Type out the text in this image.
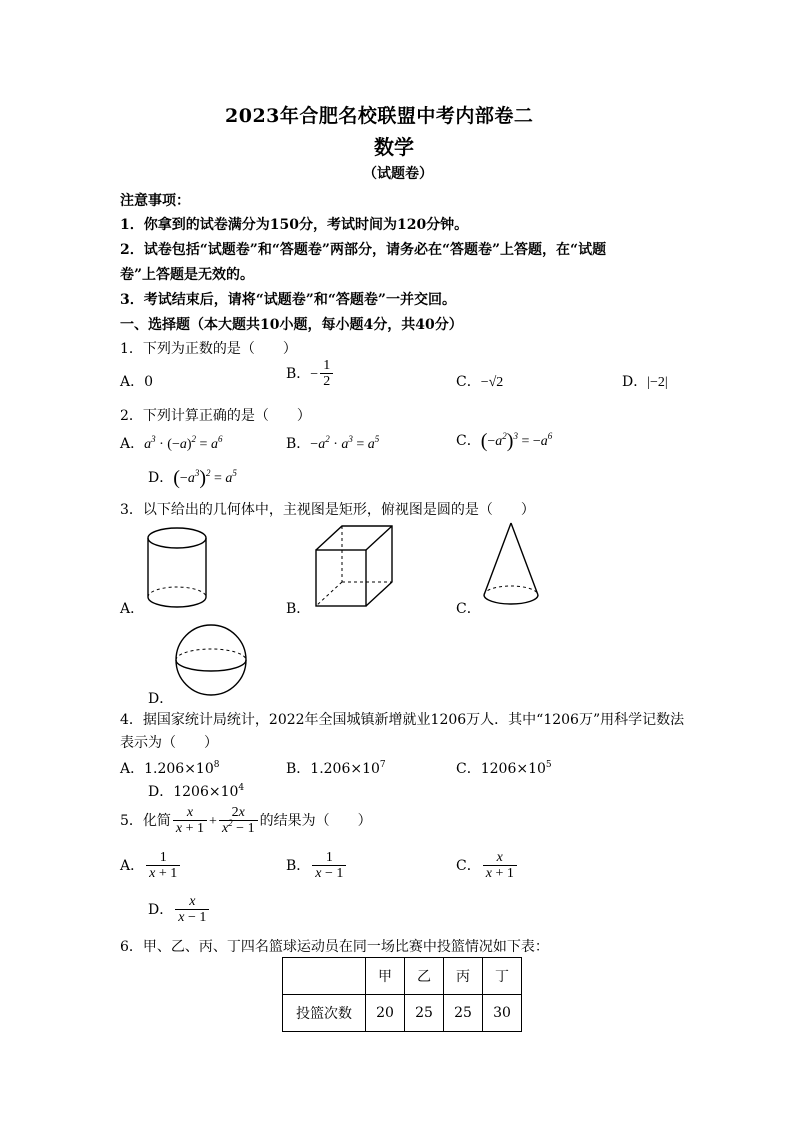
2023年合肥名校联盟中考内部卷二
数学
（试题卷）
注意事项：
1．你拿到的试卷满分为150分，考试时间为120分钟。
2．试卷包括“试题卷”和“答题卷”两部分，请务必在“答题卷”上答题，在“试题
卷”上答题是无效的。
3．考试结束后，请将“试题卷”和“答题卷”一并交回。
一、选择题（本大题共10小题，每小题4分，共40分）
1．下列为正数的是（　　）
A．0
B．− $\frac{1}{2}$	C．−√2	D．|−2|
2．下列计算正确的是（　　）
A．$a^3 \cdot (-a)^2 = a^6$	B．$-a^2 \cdot a^3 = a^5$	C．$(-a^2)^3 = -a^6$
D．$(-a^3)^2 = a^5$
3．以下给出的几何体中，主视图是矩形，俯视图是圆的是（　　）
A．	B．	C．
D．
4．据国家统计局统计，2022年全国城镇新增就业1206万人．其中“1206万”用科学记数法
表示为（　　）
A．$1.206\times 10^8$	B．$1.206\times 10^7$	C．$1206\times 10^5$
D．$1206\times 10^4$
5．化简 $\frac{x}{x + 1} + \frac{2x}{x^2 - 1}$ 的结果为（　　）
A． $\frac{1}{x + 1}$	B． $\frac{1}{x - 1}$	C． $\frac{x}{x + 1}$
D． $\frac{x}{x - 1}$
6．甲、乙、丙、丁四名篮球运动员在同一场比赛中投篮情况如下表：
	甲	乙	丙	丁
投篮次数	20	25	25	30
